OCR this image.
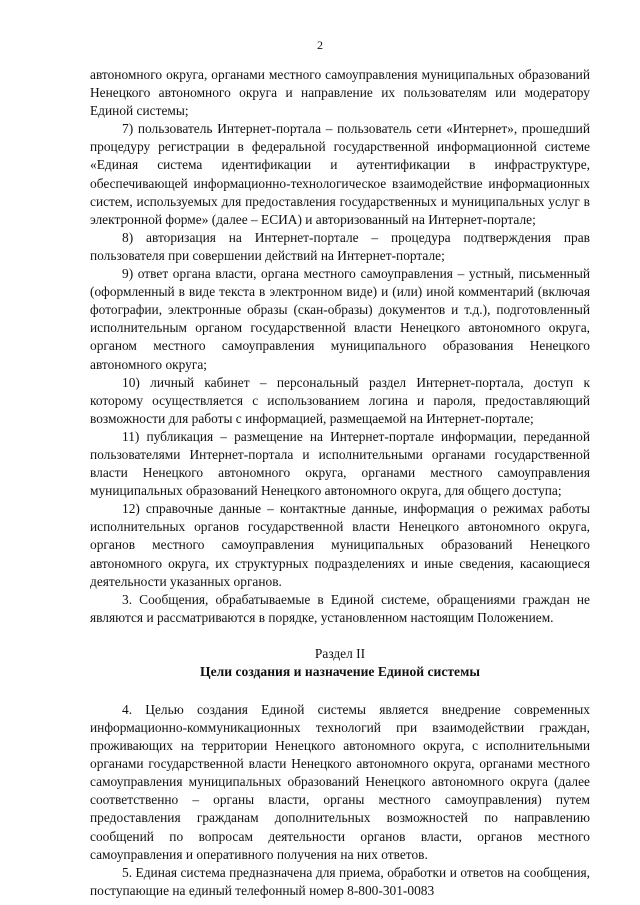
2

автономного округа, органами местного самоуправления муниципальных образований Ненецкого автономного округа и направление их пользователям или модератору Единой системы;

7) пользователь Интернет-портала – пользователь сети «Интернет», прошедший процедуру регистрации в федеральной государственной информационной системе «Единая система идентификации и аутентификации в инфраструктуре, обеспечивающей информационно-технологическое взаимодействие информационных систем, используемых для предоставления государственных и муниципальных услуг в электронной форме» (далее – ЕСИА) и авторизованный на Интернет-портале;

8) авторизация на Интернет-портале – процедура подтверждения прав пользователя при совершении действий на Интернет-портале;

9) ответ органа власти, органа местного самоуправления – устный, письменный (оформленный в виде текста в электронном виде) и (или) иной комментарий (включая фотографии, электронные образы (скан-образы) документов и т.д.), подготовленный исполнительным органом государственной власти Ненецкого автономного округа, органом местного самоуправления муниципального образования Ненецкого автономного округа;

10) личный кабинет – персональный раздел Интернет-портала, доступ к которому осуществляется с использованием логина и пароля, предоставляющий возможности для работы с информацией, размещаемой на Интернет-портале;

11) публикация – размещение на Интернет-портале информации, переданной пользователями Интернет-портала и исполнительными органами государственной власти Ненецкого автономного округа, органами местного самоуправления муниципальных образований Ненецкого автономного округа, для общего доступа;

12) справочные данные – контактные данные, информация о режимах работы исполнительных органов государственной власти Ненецкого автономного округа, органов местного самоуправления муниципальных образований Ненецкого автономного округа, их структурных подразделениях и иные сведения, касающиеся деятельности указанных органов.

3. Сообщения, обрабатываемые в Единой системе, обращениями граждан не являются и рассматриваются в порядке, установленном настоящим Положением.

Раздел II
Цели создания и назначение Единой системы

4. Целью создания Единой системы является внедрение современных информационно-коммуникационных технологий при взаимодействии граждан, проживающих на территории Ненецкого автономного округа, с исполнительными органами государственной власти Ненецкого автономного округа, органами местного самоуправления муниципальных образований Ненецкого автономного округа (далее соответственно – органы власти, органы местного самоуправления) путем предоставления гражданам дополнительных возможностей по направлению сообщений по вопросам деятельности органов власти, органов местного самоуправления и оперативного получения на них ответов.

5. Единая система предназначена для приема, обработки и ответов на сообщения, поступающие на единый телефонный номер 8-800-301-0083
